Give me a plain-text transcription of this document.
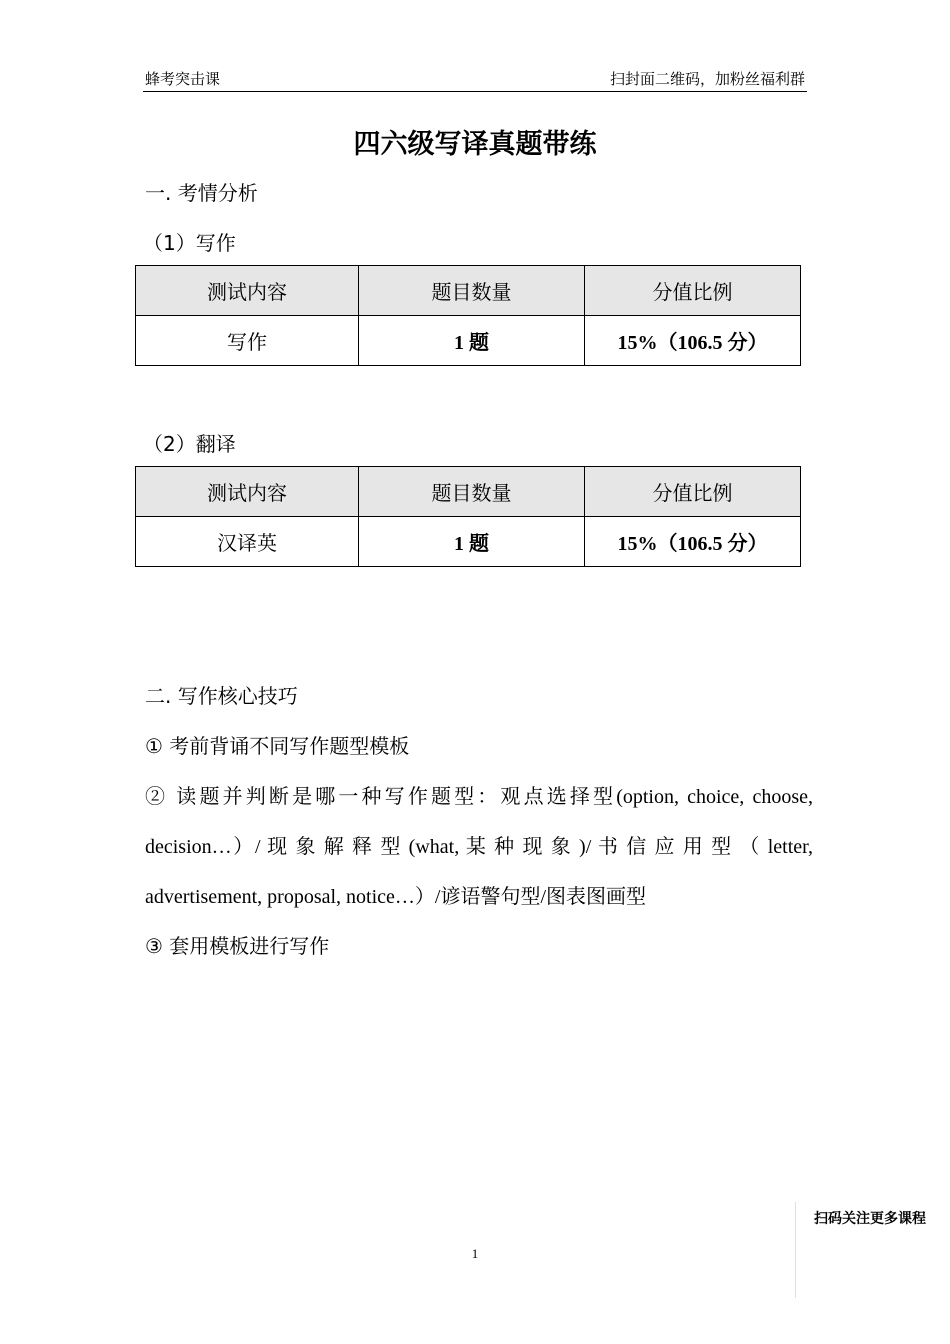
蜂考突击课	扫封面二维码，加粉丝福利群
四六级写译真题带练
一. 考情分析
（1）写作
测试内容	题目数量	分值比例
写作	1 题	15%（106.5 分）
（2）翻译
测试内容	题目数量	分值比例
汉译英	1 题	15%（106.5 分）
二. 写作核心技巧
① 考前背诵不同写作题型模板
② 读题并判断是哪一种写作题型：观点选择型(option, choice, choose,
decision…）/ 现 象 解 释 型 (what, 某 种 现 象 )/ 书 信 应 用 型 （ letter,
advertisement, proposal, notice…）/谚语警句型/图表图画型
③ 套用模板进行写作
扫码关注更多课程
1
